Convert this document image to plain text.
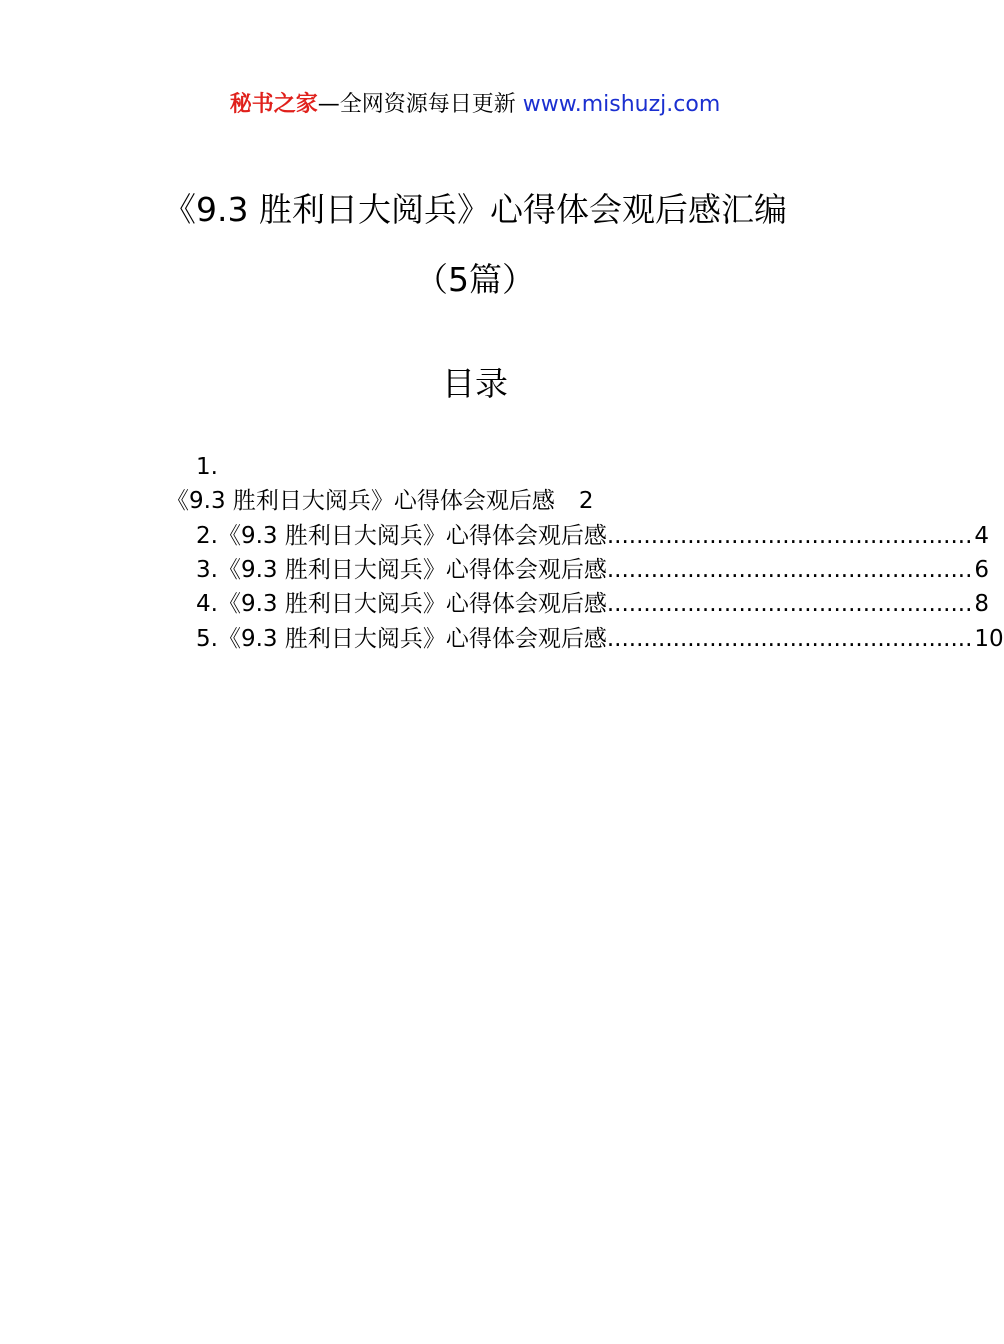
秘书之家—全网资源每日更新 www.mishuzj.com
《9.3 胜利日大阅兵》心得体会观后感汇编
（5篇）
目录
1.
《9.3 胜利日大阅兵》心得体会观后感 2
2. 《9.3 胜利日大阅兵》心得体会观后感 .................................................. 4
3. 《9.3 胜利日大阅兵》心得体会观后感 .................................................. 6
4. 《9.3 胜利日大阅兵》心得体会观后感 .................................................. 8
5. 《9.3 胜利日大阅兵》心得体会观后感 .................................................. 10
